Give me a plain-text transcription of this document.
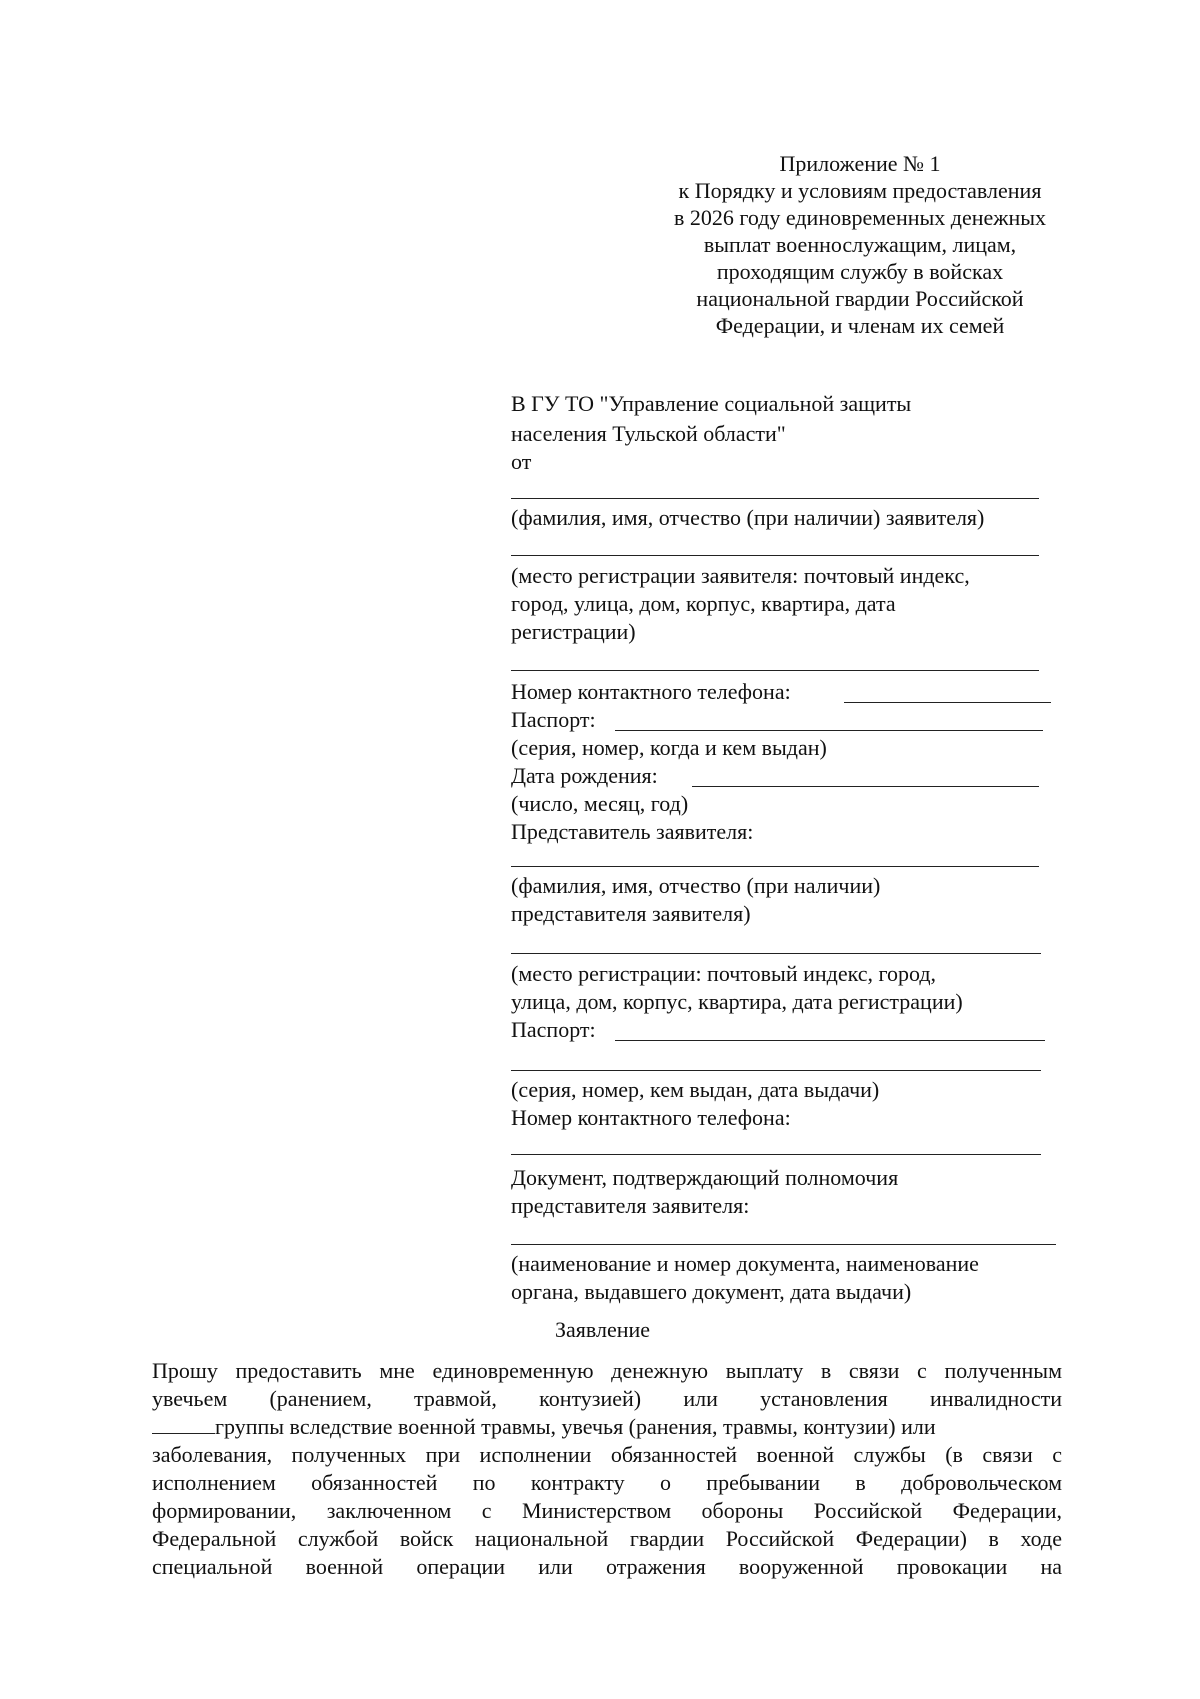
Приложение № 1
к Порядку и условиям предоставления
в 2026 году единовременных денежных
выплат военнослужащим, лицам,
проходящим службу в войсках
национальной гвардии Российской
Федерации, и членам их семей
В ГУ ТО "Управление социальной защиты
населения Тульской области"
от
(фамилия, имя, отчество (при наличии) заявителя)
(место регистрации заявителя: почтовый индекс,
город, улица, дом, корпус, квартира, дата
регистрации)
Номер контактного телефона:
Паспорт:
(серия, номер, когда и кем выдан)
Дата рождения:
(число, месяц, год)
Представитель заявителя:
(фамилия, имя, отчество (при наличии)
представителя заявителя)
(место регистрации: почтовый индекс, город,
улица, дом, корпус, квартира, дата регистрации)
Паспорт:
(серия, номер, кем выдан, дата выдачи)
Номер контактного телефона:
Документ, подтверждающий полномочия
представителя заявителя:
(наименование и номер документа, наименование
органа, выдавшего документ, дата выдачи)
Заявление
Прошу предоставить мне единовременную денежную выплату в связи с полученным
увечьем (ранением, травмой, контузией) или установления инвалидности
группы вследствие военной травмы, увечья (ранения, травмы, контузии) или
заболевания, полученных при исполнении обязанностей военной службы (в связи с
исполнением обязанностей по контракту о пребывании в добровольческом
формировании, заключенном с Министерством обороны Российской Федерации,
Федеральной службой войск национальной гвардии Российской Федерации) в ходе
специальной военной операции или отражения вооруженной провокации на
